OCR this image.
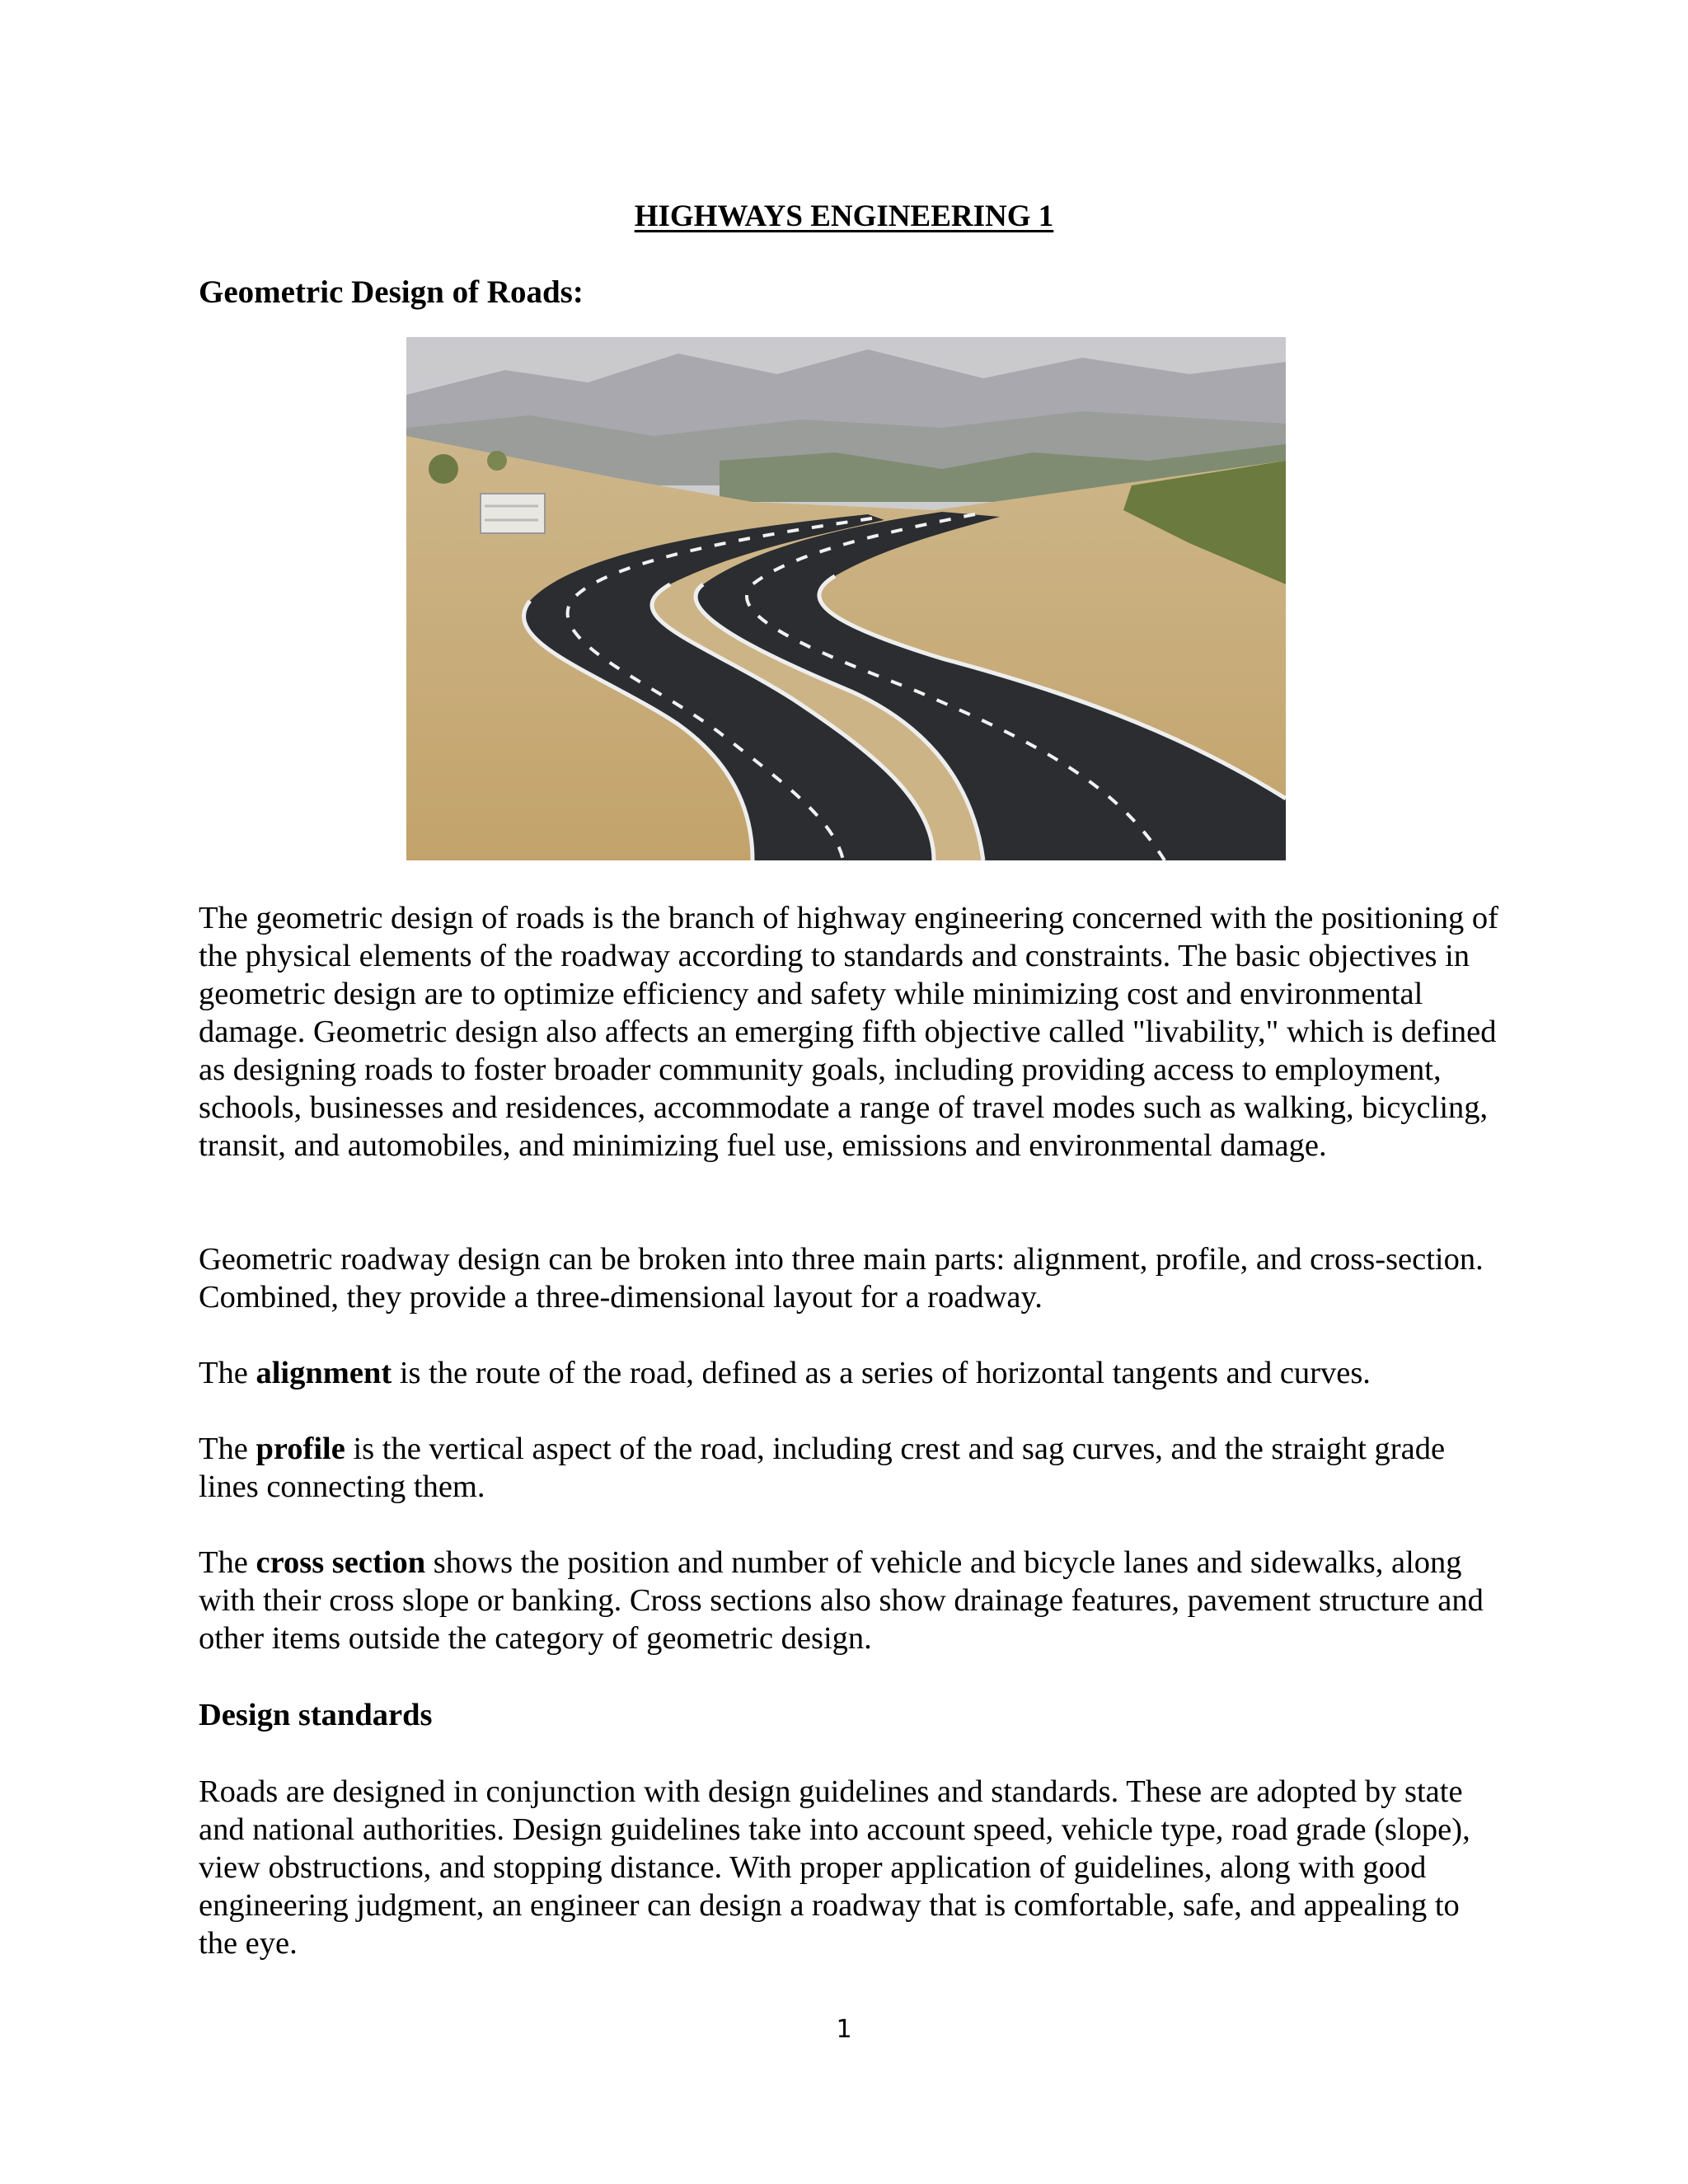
HIGHWAYS ENGINEERING 1
Geometric Design of Roads:

The geometric design of roads is the branch of highway engineering concerned with the positioning of the physical elements of the roadway according to standards and constraints. The basic objectives in geometric design are to optimize efficiency and safety while minimizing cost and environmental damage. Geometric design also affects an emerging fifth objective called "livability," which is defined as designing roads to foster broader community goals, including providing access to employment, schools, businesses and residences, accommodate a range of travel modes such as walking, bicycling, transit, and automobiles, and minimizing fuel use, emissions and environmental damage.

Geometric roadway design can be broken into three main parts: alignment, profile, and cross-section. Combined, they provide a three-dimensional layout for a roadway.

The alignment is the route of the road, defined as a series of horizontal tangents and curves.

The profile is the vertical aspect of the road, including crest and sag curves, and the straight grade lines connecting them.

The cross section shows the position and number of vehicle and bicycle lanes and sidewalks, along with their cross slope or banking. Cross sections also show drainage features, pavement structure and other items outside the category of geometric design.

Design standards

Roads are designed in conjunction with design guidelines and standards. These are adopted by state and national authorities. Design guidelines take into account speed, vehicle type, road grade (slope), view obstructions, and stopping distance. With proper application of guidelines, along with good engineering judgment, an engineer can design a roadway that is comfortable, safe, and appealing to the eye.

1
